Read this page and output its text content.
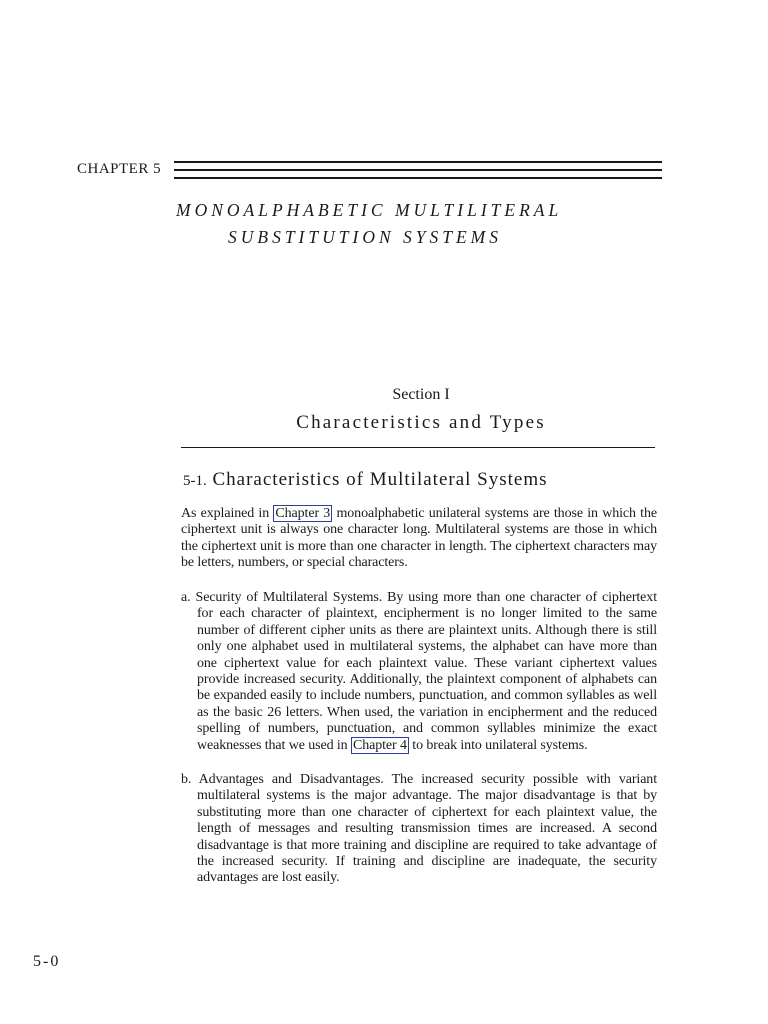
CHAPTER 5
MONOALPHABETIC MULTILITERAL
SUBSTITUTION SYSTEMS
Section I
Characteristics and Types
5-1. Characteristics of Multilateral Systems
As explained in Chapter 3 monoalphabetic unilateral systems are those in which the ciphertext unit is always one character long. Multilateral systems are those in which the ciphertext unit is more than one character in length. The ciphertext characters may be letters, numbers, or special characters.
a. Security of Multilateral Systems. By using more than one character of ciphertext for each character of plaintext, encipherment is no longer limited to the same number of different cipher units as there are plaintext units. Although there is still only one alphabet used in multilateral systems, the alphabet can have more than one ciphertext value for each plaintext value. These variant ciphertext values provide increased security. Additionally, the plaintext component of alphabets can be expanded easily to include numbers, punctuation, and common syllables as well as the basic 26 letters. When used, the variation in encipherment and the reduced spelling of numbers, punctuation, and common syllables minimize the exact weaknesses that we used in Chapter 4 to break into unilateral systems.
b. Advantages and Disadvantages. The increased security possible with variant multilateral systems is the major advantage. The major disadvantage is that by substituting more than one character of ciphertext for each plaintext value, the length of messages and resulting transmission times are increased. A second disadvantage is that more training and discipline are required to take advantage of the increased security. If training and discipline are inadequate, the security advantages are lost easily.
5-0
